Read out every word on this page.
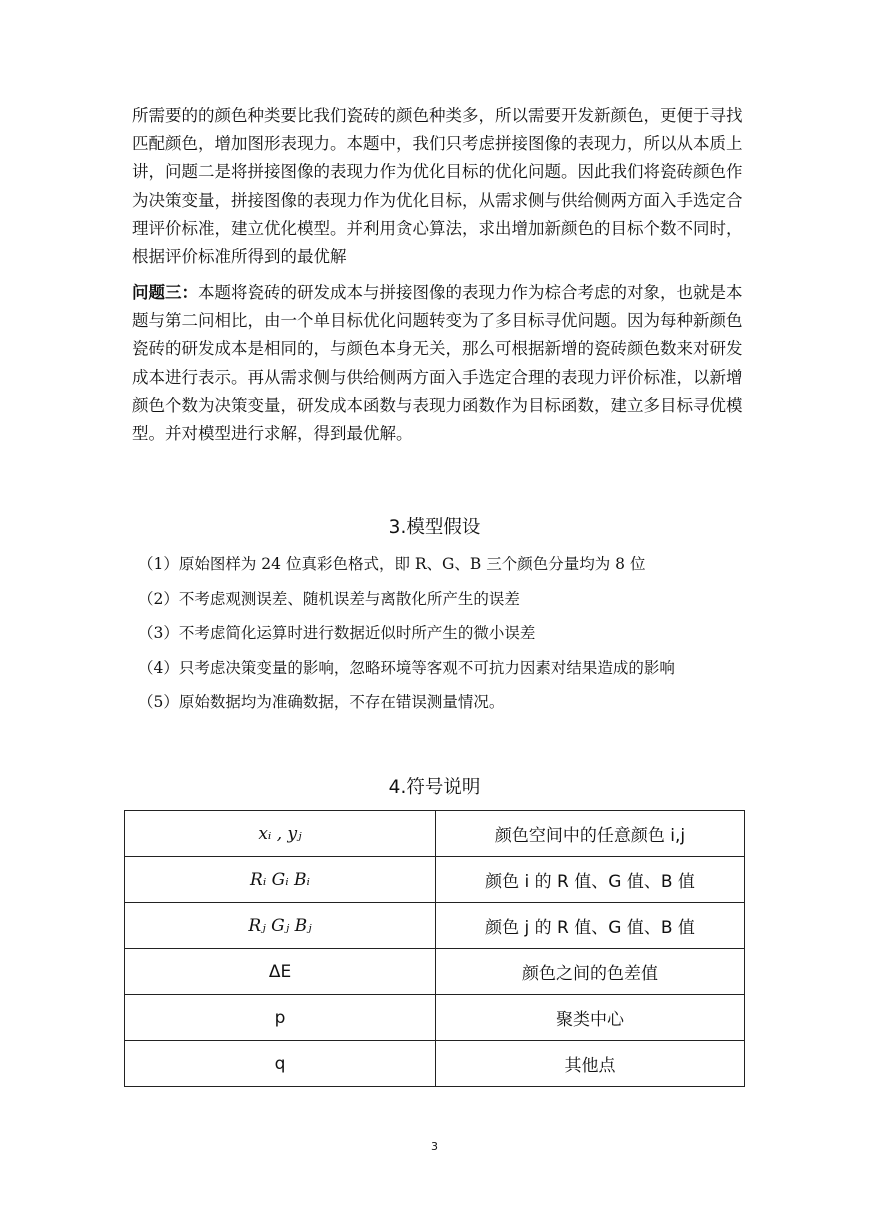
所需要的的颜色种类要比我们瓷砖的颜色种类多，所以需要开发新颜色，更便于寻找匹配颜色，增加图形表现力。本题中，我们只考虑拼接图像的表现力，所以从本质上讲，问题二是将拼接图像的表现力作为优化目标的优化问题。因此我们将瓷砖颜色作为决策变量，拼接图像的表现力作为优化目标，从需求侧与供给侧两方面入手选定合理评价标准，建立优化模型。并利用贪心算法，求出增加新颜色的目标个数不同时，根据评价标准所得到的最优解
问题三：本题将瓷砖的研发成本与拼接图像的表现力作为棕合考虑的对象，也就是本题与第二问相比，由一个单目标优化问题转变为了多目标寻优问题。因为每种新颜色瓷砖的研发成本是相同的，与颜色本身无关，那么可根据新增的瓷砖颜色数来对研发成本进行表示。再从需求侧与供给侧两方面入手选定合理的表现力评价标准，以新增颜色个数为决策变量，研发成本函数与表现力函数作为目标函数，建立多目标寻优模型。并对模型进行求解，得到最优解。
3.模型假设
（1）原始图样为 24 位真彩色格式，即 R、G、B 三个颜色分量均为 8 位
（2）不考虑观测误差、随机误差与离散化所产生的误差
（3）不考虑简化运算时进行数据近似时所产生的微小误差
（4）只考虑决策变量的影响，忽略环境等客观不可抗力因素对结果造成的影响
（5）原始数据均为准确数据，不存在错误测量情况。
4.符号说明
xᵢ , yⱼ	颜色空间中的任意颜色 i,j
Rᵢ Gᵢ Bᵢ	颜色 i 的 R 值、G 值、B 值
Rⱼ Gⱼ Bⱼ	颜色 j 的 R 值、G 值、B 值
ΔE	颜色之间的色差值
p	聚类中心
q	其他点
3
